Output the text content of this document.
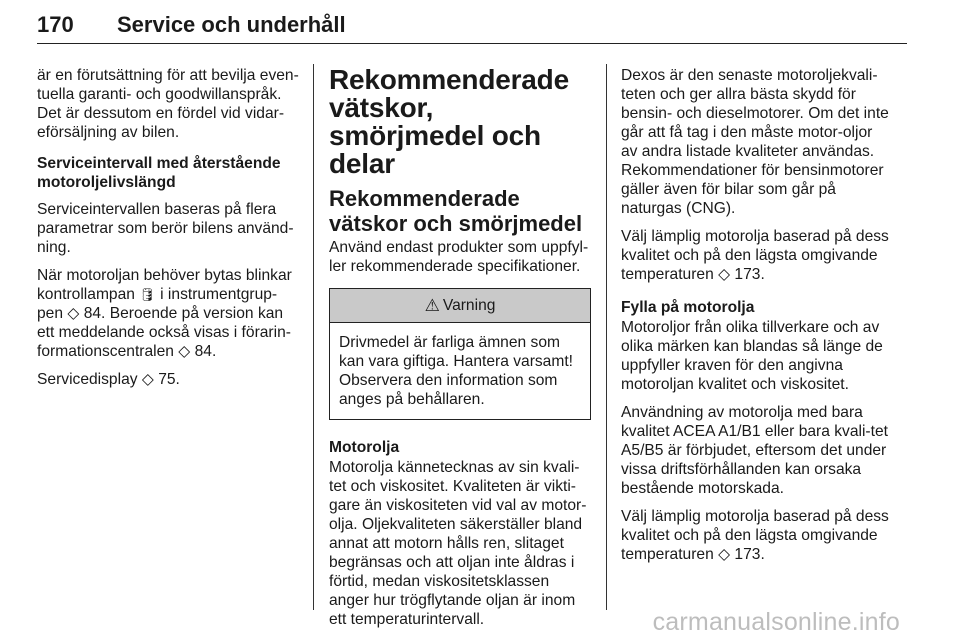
170 Service och underhåll

är en förutsättning för att bevilja even-tuella garanti- och goodwillanspråk. Det är dessutom en fördel vid vidar-eförsäljning av bilen.

Serviceintervall med återstående motoroljelivslängd

Serviceintervallen baseras på flera parametrar som berör bilens använd-ning.

När motoroljan behöver bytas blinkar kontrollampan 🛢 i instrumentgrup-pen ◇ 84. Beroende på version kan ett meddelande också visas i förarin-formationscentralen ◇ 84.

Servicedisplay ◇ 75.

Rekommenderade vätskor, smörjmedel och delar
Rekommenderade vätskor och smörjmedel

Använd endast produkter som uppfyl-ler rekommenderade specifikationer.

⚠ Varning
Drivmedel är farliga ämnen som kan vara giftiga. Hantera varsamt! Observera den information som anges på behållaren.

Motorolja

Motorolja kännetecknas av sin kvali-tet och viskositet. Kvaliteten är vikti-gare än viskositeten vid val av motor-olja. Oljekvaliteten säkerställer bland annat att motorn hålls ren, slitaget begränsas och att oljan inte åldras i förtid, medan viskositetsklassen anger hur trögflytande oljan är inom ett temperaturintervall.

Dexos är den senaste motoroljekvali-teten och ger allra bästa skydd för bensin- och dieselmotorer. Om det inte går att få tag i den måste motor-oljor av andra listade kvaliteter användas. Rekommendationer för bensinmotorer gäller även för bilar som går på naturgas (CNG).

Välj lämplig motorolja baserad på dess kvalitet och på den lägsta omgivande temperaturen ◇ 173.

Fylla på motorolja

Motoroljor från olika tillverkare och av olika märken kan blandas så länge de uppfyller kraven för den angivna motoroljan kvalitet och viskositet.

Användning av motorolja med bara kvalitet ACEA A1/B1 eller bara kvali-tet A5/B5 är förbjudet, eftersom det under vissa driftsförhållanden kan orsaka bestående motorskada.

Välj lämplig motorolja baserad på dess kvalitet och på den lägsta omgivande temperaturen ◇ 173.

carmanualsonline.info
